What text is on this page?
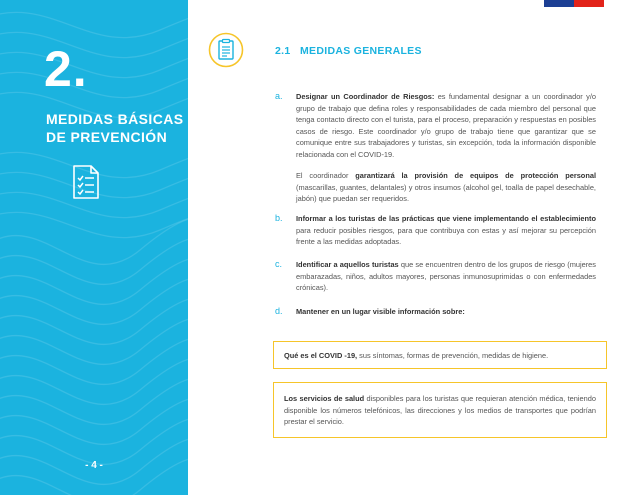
2.
MEDIDAS BÁSICAS DE PREVENCIÓN
- 4 -
2.1 MEDIDAS GENERALES
a. Designar un Coordinador de Riesgos: es fundamental designar a un coordinador y/o grupo de trabajo que defina roles y responsabilidades de cada miembro del personal que tenga contacto directo con el turista, para el proceso, preparación y respuestas en posibles casos de riesgo. Este coordinador y/o grupo de trabajo tiene que garantizar que se comunique entre sus trabajadores y turistas, sin excepción, toda la información disponible relacionada con el COVID-19.
El coordinador garantizará la provisión de equipos de protección personal (mascarillas, guantes, delantales) y otros insumos (alcohol gel, toalla de papel desechable, jabón) que puedan ser requeridos.
b. Informar a los turistas de las prácticas que viene implementando el establecimiento para reducir posibles riesgos, para que contribuya con estas y así mejorar su percepción frente a las medidas adoptadas.
c. Identificar a aquellos turistas que se encuentren dentro de los grupos de riesgo (mujeres embarazadas, niños, adultos mayores, personas inmunosuprimidas o con enfermedades crónicas).
d. Mantener en un lugar visible información sobre:
Qué es el COVID -19, sus síntomas, formas de prevención, medidas de higiene.
Los servicios de salud disponibles para los turistas que requieran atención médica, teniendo disponible los números telefónicos, las direcciones y los medios de transportes que podrían prestar el servicio.
